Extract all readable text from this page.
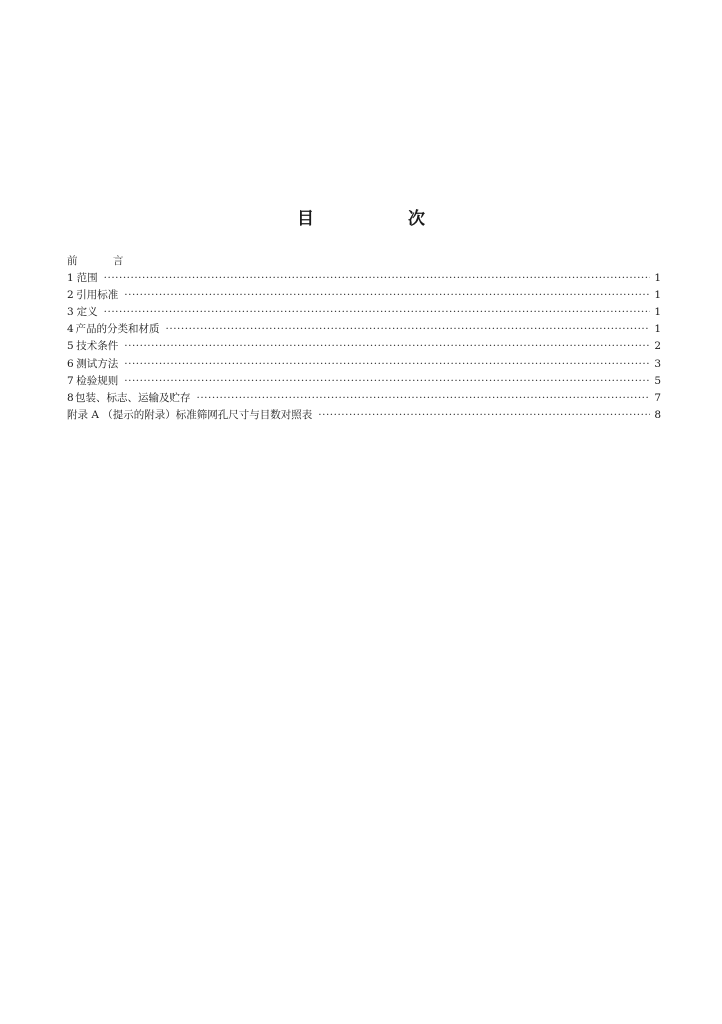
目 次
前 言
1 范围 ·····	1
2 引用标准 ·····	1
3 定义 ·····	1
4 产品的分类和材质 ·····	1
5 技术条件 ·····	2
6 测试方法 ·····	3
7 检验规则 ·····	5
8 包装、标志、运输及贮存 ·····	7
附录 A （提示的附录）标准筛网孔尺寸与目数对照表 ·····	8
